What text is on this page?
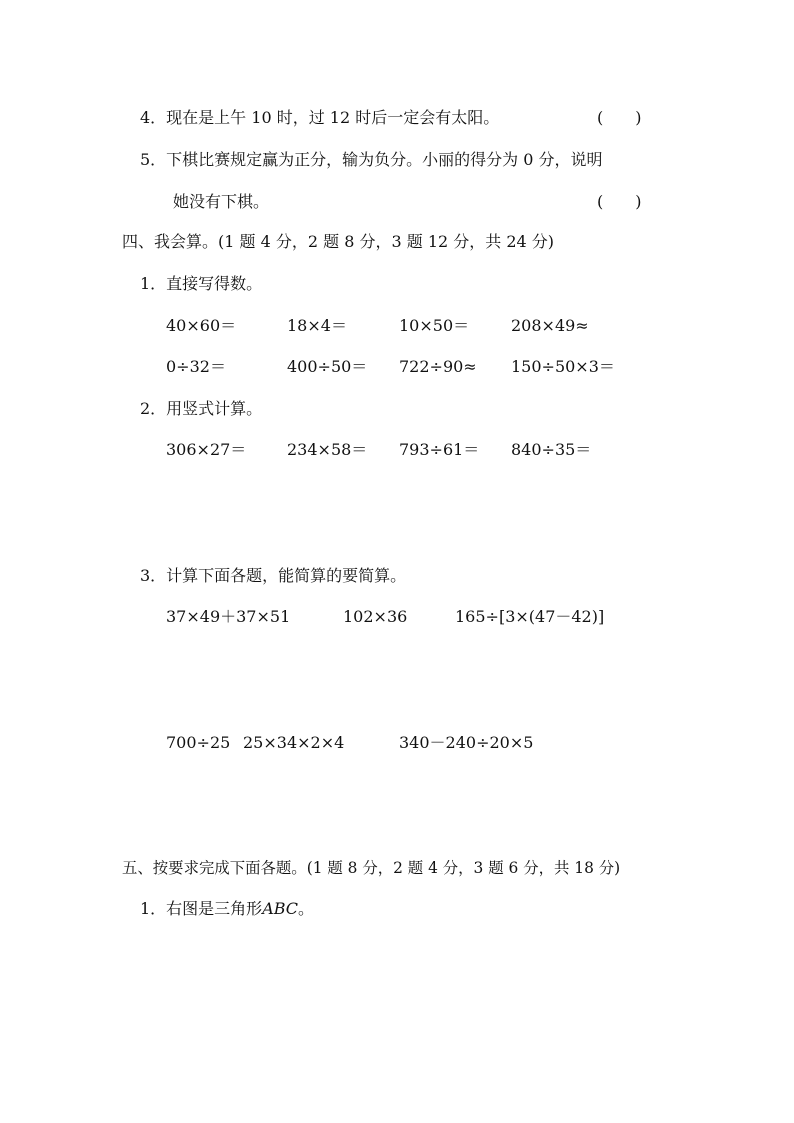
4．现在是上午 10 时，过 12 时后一定会有太阳。	(　　)
5．下棋比赛规定赢为正分，输为负分。小丽的得分为 0 分，说明
她没有下棋。	(　　)
四、我会算。(1 题 4 分，2 题 8 分，3 题 12 分，共 24 分)
1．直接写得数。
40×60＝	18×4＝	10×50＝	208×49≈
0÷32＝	400÷50＝ 722÷90≈ 150÷50×3＝
2．用竖式计算。
306×27＝	234×58＝ 793÷61＝ 840÷35＝
3．计算下面各题，能简算的要简算。
37×49＋37×51	102×36	165÷[3×(47－42)]
700÷25 25×34×2×4	340－240÷20×5
五、按要求完成下面各题。(1 题 8 分，2 题 4 分，3 题 6 分，共 18 分)
1．右图是三角形ABC。
